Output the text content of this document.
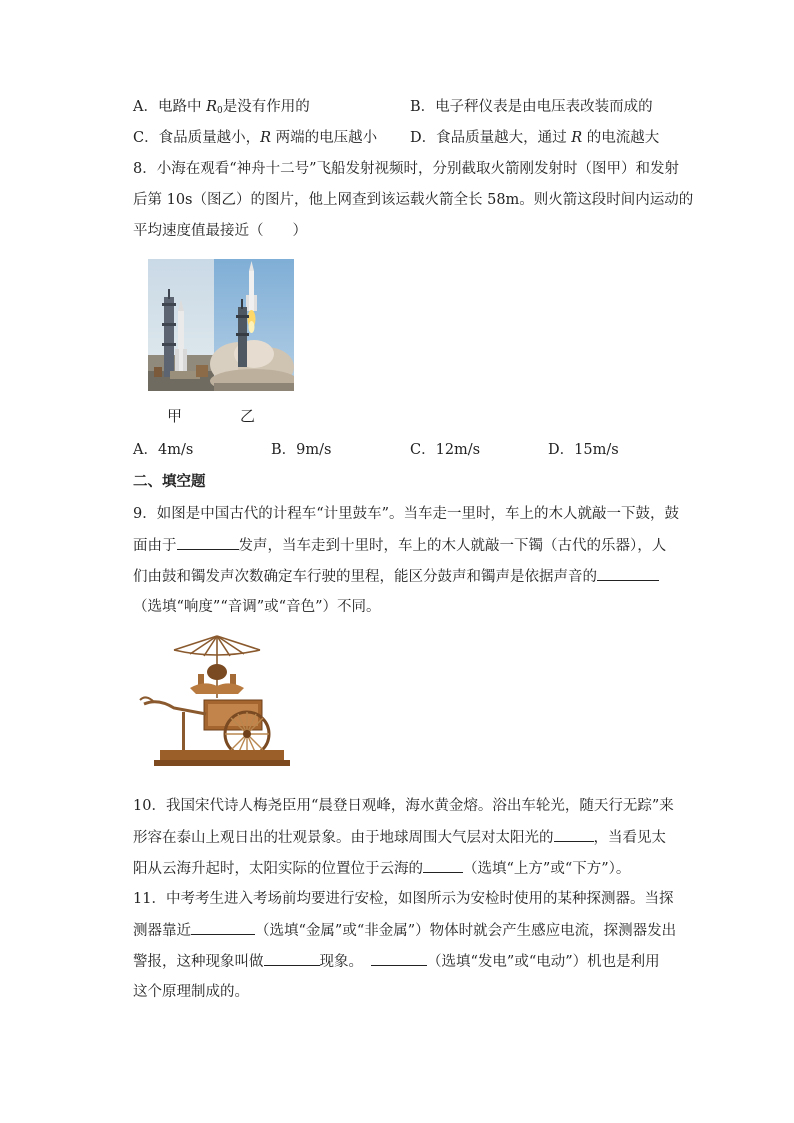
A．电路中 $R_0$是没有作用的	B．电子秤仪表是由电压表改装而成的
C．食品质量越小，R 两端的电压越小 D．食品质量越大，通过 R 的电流越大
8．小海在观看“神舟十二号”飞船发射视频时，分别截取火箭刚发射时（图甲）和发射
后第 10s（图乙）的图片，他上网查到该运载火箭全长 58m。则火箭这段时间内运动的
平均速度值最接近（　　）
甲	乙
A．4m/s	B．9m/s	C．12m/s	D．15m/s
二、填空题
9．如图是中国古代的计程车“计里鼓车”。当车走一里时，车上的木人就敲一下鼓，鼓
面由于	发声，当车走到十里时，车上的木人就敲一下镯（古代的乐器），人
们由鼓和镯发声次数确定车行驶的里程，能区分鼓声和镯声是依据声音的
（选填“响度”“音调”或“音色”）不同。
10．我国宋代诗人梅尧臣用“晨登日观峰，海水黄金熔。浴出车轮光，随天行无踪”来
形容在泰山上观日出的壮观景象。由于地球周围大气层对太阳光的	，当看见太
阳从云海升起时，太阳实际的位置位于云海的	（选填“上方”或“下方”）。
11．中考考生进入考场前均要进行安检，如图所示为安检时使用的某种探测器。当探
测器靠近	（选填“金属”或“非金属”）物体时就会产生感应电流，探测器发出
警报，这种现象叫做	现象。	（选填“发电”或“电动”）机也是利用
这个原理制成的。
